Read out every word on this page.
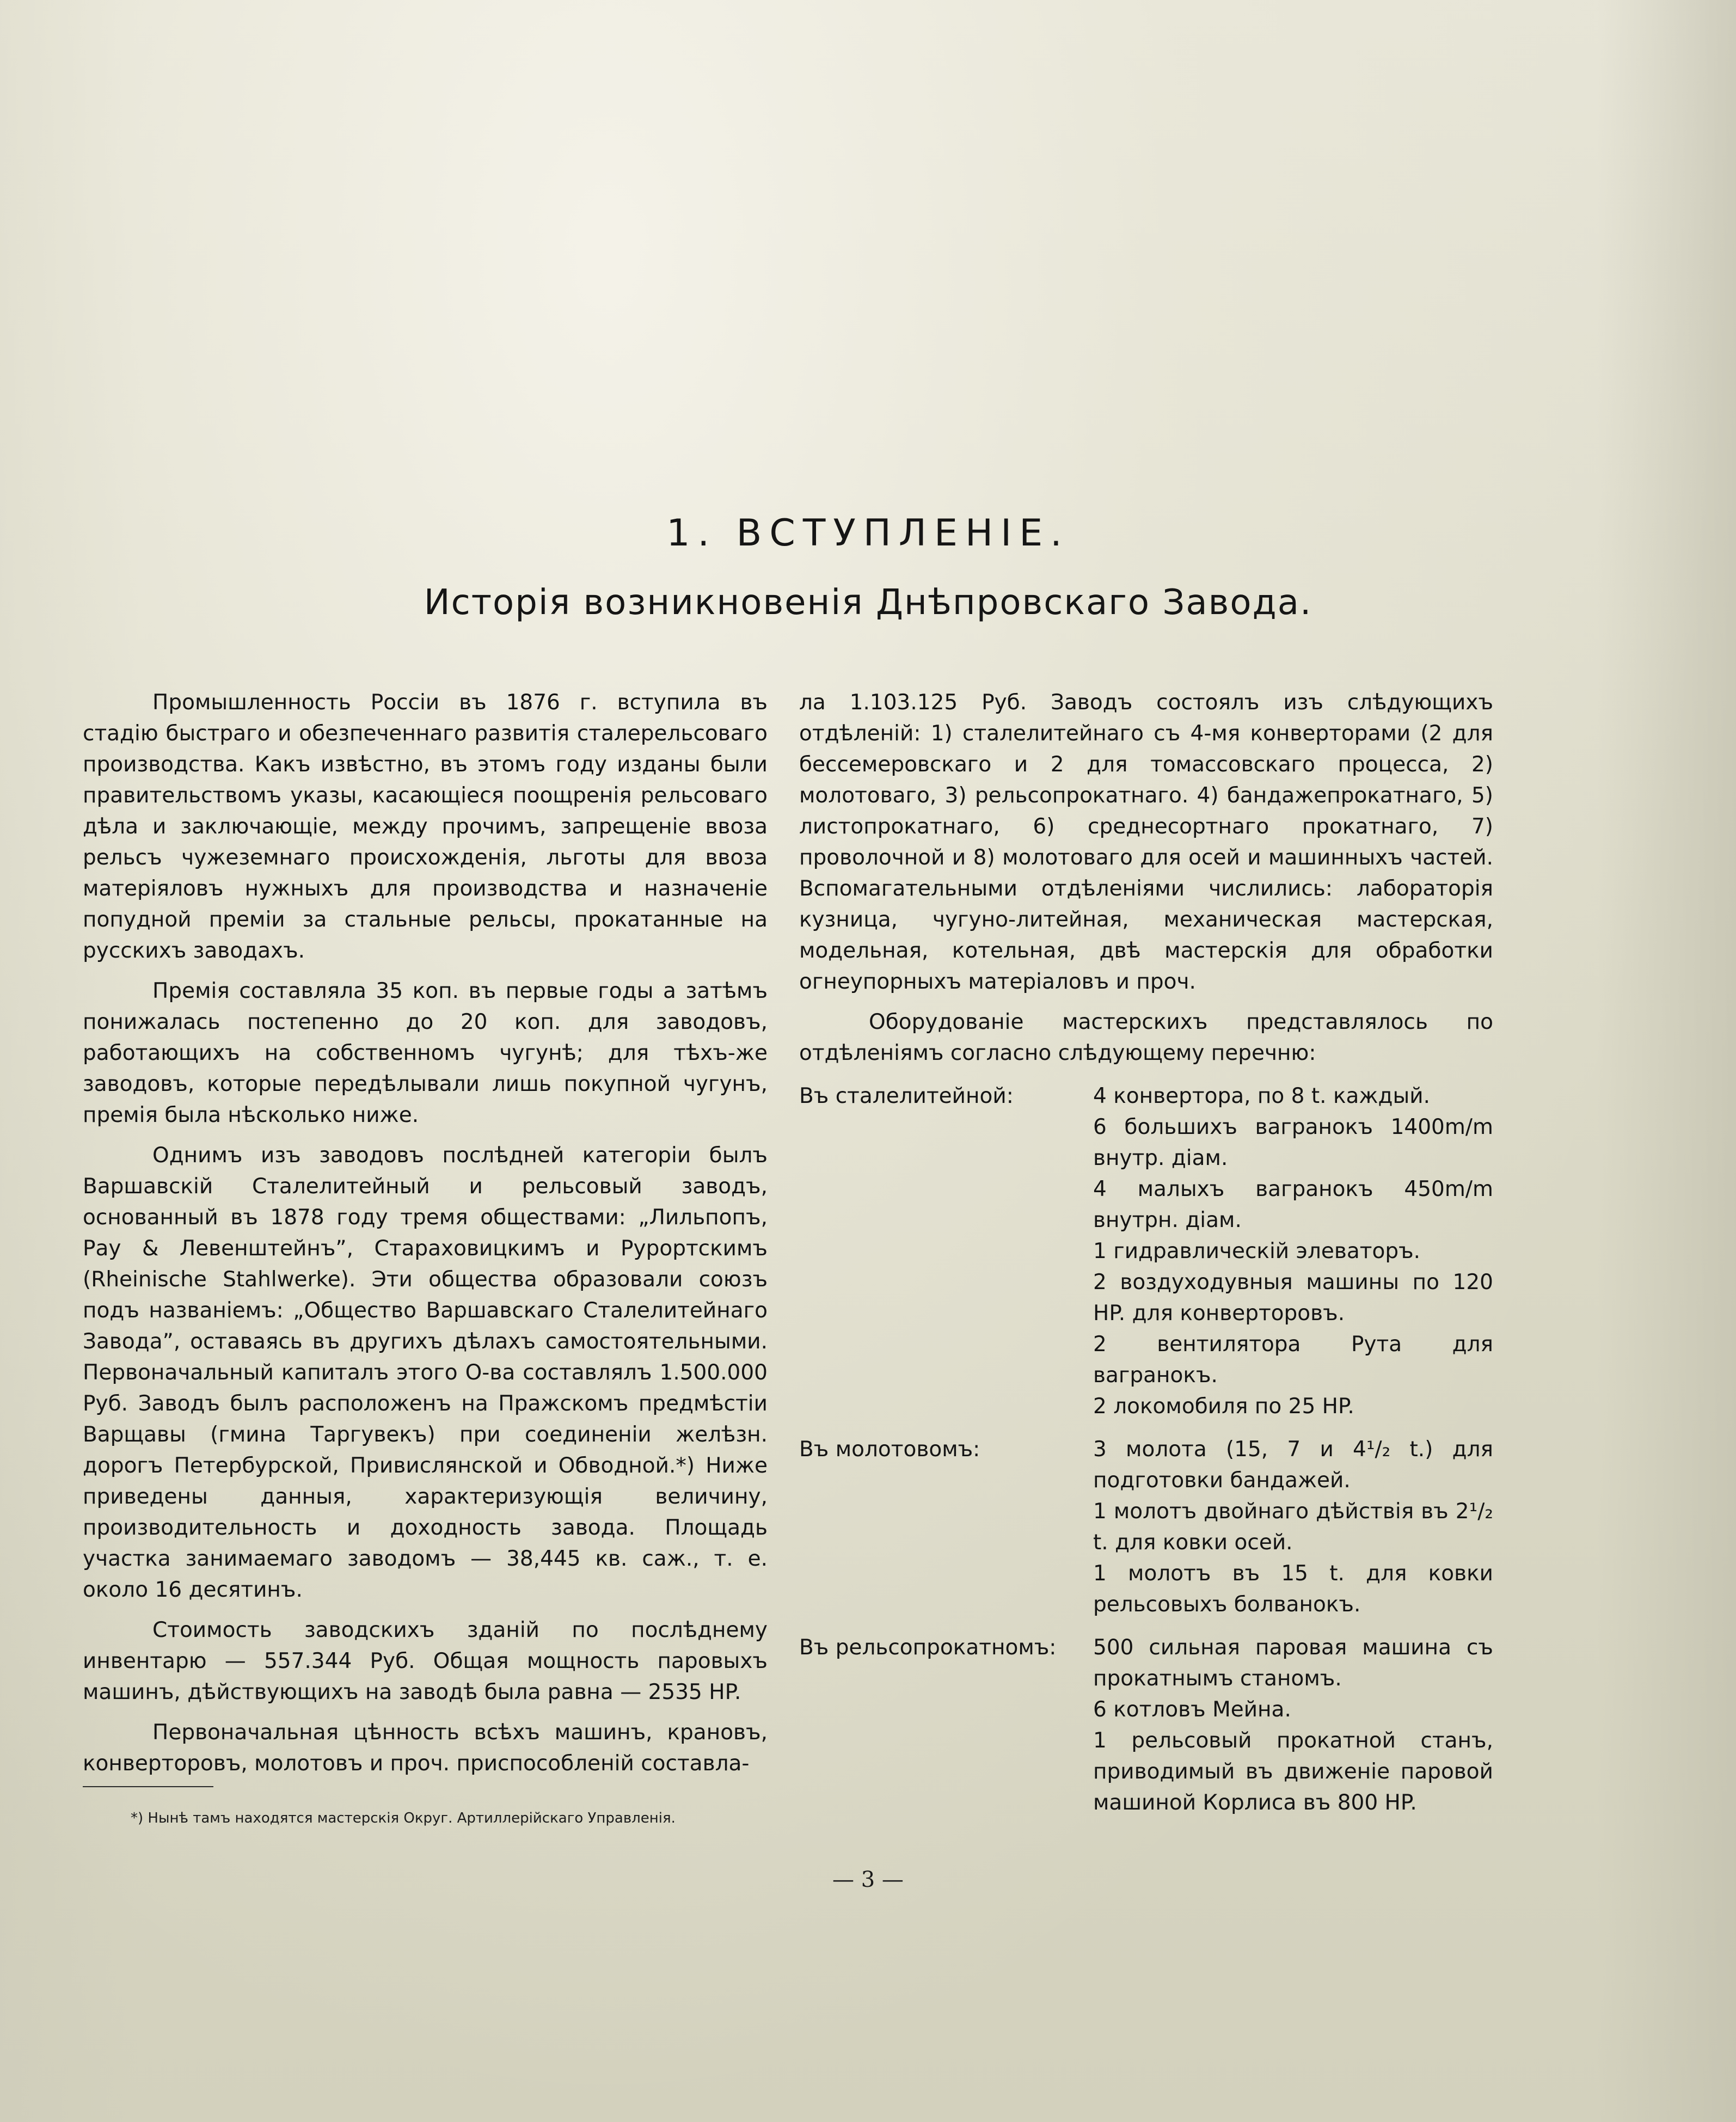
1. ВСТУПЛЕНІЕ.
Исторія возникновенія Днѣпровскаго Завода.

Промышленность Россіи въ 1876 г. вступила въ стадію быстраго и обезпеченнаго развитія сталерельсоваго производства. Какъ извѣстно, въ этомъ году изданы были правительствомъ указы, касающіеся поощренія рельсоваго дѣла и заключающіе, между прочимъ, запрещеніе ввоза рельсъ чужеземнаго происхожденія, льготы для ввоза матеріяловъ нужныхъ для производства и назначеніе попудной преміи за стальные рельсы, прокатанные на русскихъ заводахъ.

Премія составляла 35 коп. въ первые годы а затѣмъ понижалась постепенно до 20 коп. для заводовъ, работающихъ на собственномъ чугунѣ; для тѣхъ-же заводовъ, которые передѣлывали лишь покупной чугунъ, премія была нѣсколько ниже.

Однимъ изъ заводовъ послѣдней категоріи былъ Варшавскій Сталелитейный и рельсовый заводъ, основанный въ 1878 году тремя обществами: „Лильпопъ, Рау & Левенштейнъ”, Стараховицкимъ и Рурортскимъ (Rheinische Stahlwerke). Эти общества образовали союзъ подъ названіемъ: „Общество Варшавскаго Сталелитейнаго Завода”, оставаясь въ другихъ дѣлахъ самостоятельными. Первоначальный капиталъ этого О-ва составлялъ 1.500.000 Руб. Заводъ былъ расположенъ на Пражскомъ предмѣстіи Варщавы (гмина Таргувекъ) при соединеніи желѣзн. дорогъ Петербурской, Привислянской и Обводной.*) Ниже приведены данныя, характеризующія величину, производительность и доходность завода. Площадь участка занимаемаго заводомъ — 38,445 кв. саж., т. е. около 16 десятинъ.

Стоимость заводскихъ зданій по послѣднему инвентарю — 557.344 Руб. Общая мощность паровыхъ машинъ, дѣйствующихъ на заводѣ была равна — 2535 HP.

Первоначальная цѣнность всѣхъ машинъ, крановъ, конверторовъ, молотовъ и проч. приспособленій составла-

ла 1.103.125 Руб. Заводъ состоялъ изъ слѣдующихъ отдѣленій: 1) сталелитейнаго съ 4-мя конверторами (2 для бессемеровскаго и 2 для томассовскаго процесса, 2) молотоваго, 3) рельсопрокатнаго. 4) бандажепрокатнаго, 5) листопрокатнаго, 6) среднесортнаго прокатнаго, 7) проволочной и 8) молотоваго для осей и машинныхъ частей. Вспомагательными отдѣленіями числились: лабораторія кузница, чугуно-литейная, механическая мастерская, модельная, котельная, двѣ мастерскія для обработки огнеупорныхъ матеріаловъ и проч.

Оборудованіе мастерскихъ представлялось по отдѣленіямъ согласно слѣдующему перечню:

Въ сталелитейной:	4 конвертора, по 8 t. каждый.

6 большихъ вагранокъ 1400m/m внутр. діам.

4 малыхъ вагранокъ 450m/m внутрн. діам.

1 гидравлическій элеваторъ.

2 воздуходувныя машины по 120 HP. для конверторовъ.

2 вентилятора Рута для вагранокъ.

2 локомобиля по 25 HP.

Въ молотовомъ:	3 молота (15, 7 и 4¹/₂ t.) для подготовки бандажей.

1 молотъ двойнаго дѣйствія въ 2¹/₂ t. для ковки осей.

1 молотъ въ 15 t. для ковки рельсовыхъ болванокъ.

Въ рельсопрокатномъ:	500 сильная паровая машина съ прокатнымъ станомъ.

6 котловъ Мейна.

1 рельсовый прокатной станъ, приводимый въ движеніе паровой машиной Корлиса въ 800 HP.

*) Нынѣ тамъ находятся мастерскія Округ. Артиллерійскаго Управленія.
— 3 —
